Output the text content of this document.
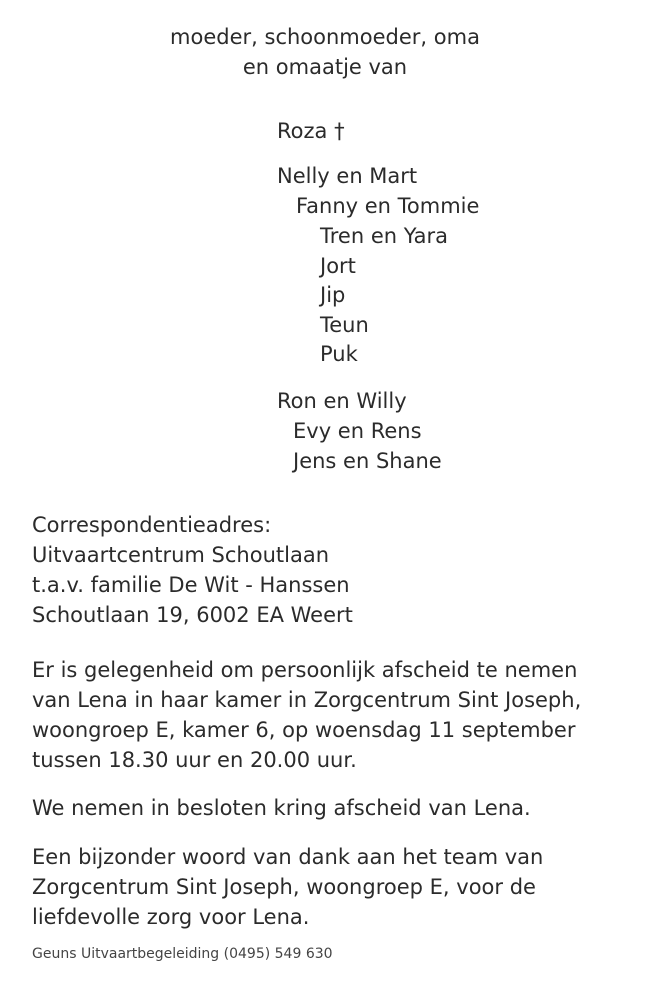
moeder, schoonmoeder, oma
en omaatje van
Roza †
Nelly en Mart
Fanny en Tommie
Tren en Yara
Jort
Jip
Teun
Puk
Ron en Willy
Evy en Rens
Jens en Shane
Correspondentieadres:
Uitvaartcentrum Schoutlaan
t.a.v. familie De Wit - Hanssen
Schoutlaan 19, 6002 EA Weert
Er is gelegenheid om persoonlijk afscheid te nemen
van Lena in haar kamer in Zorgcentrum Sint Joseph,
woongroep E, kamer 6, op woensdag 11 september
tussen 18.30 uur en 20.00 uur.
We nemen in besloten kring afscheid van Lena.
Een bijzonder woord van dank aan het team van
Zorgcentrum Sint Joseph, woongroep E, voor de
liefdevolle zorg voor Lena.
Geuns Uitvaartbegeleiding (0495) 549 630
